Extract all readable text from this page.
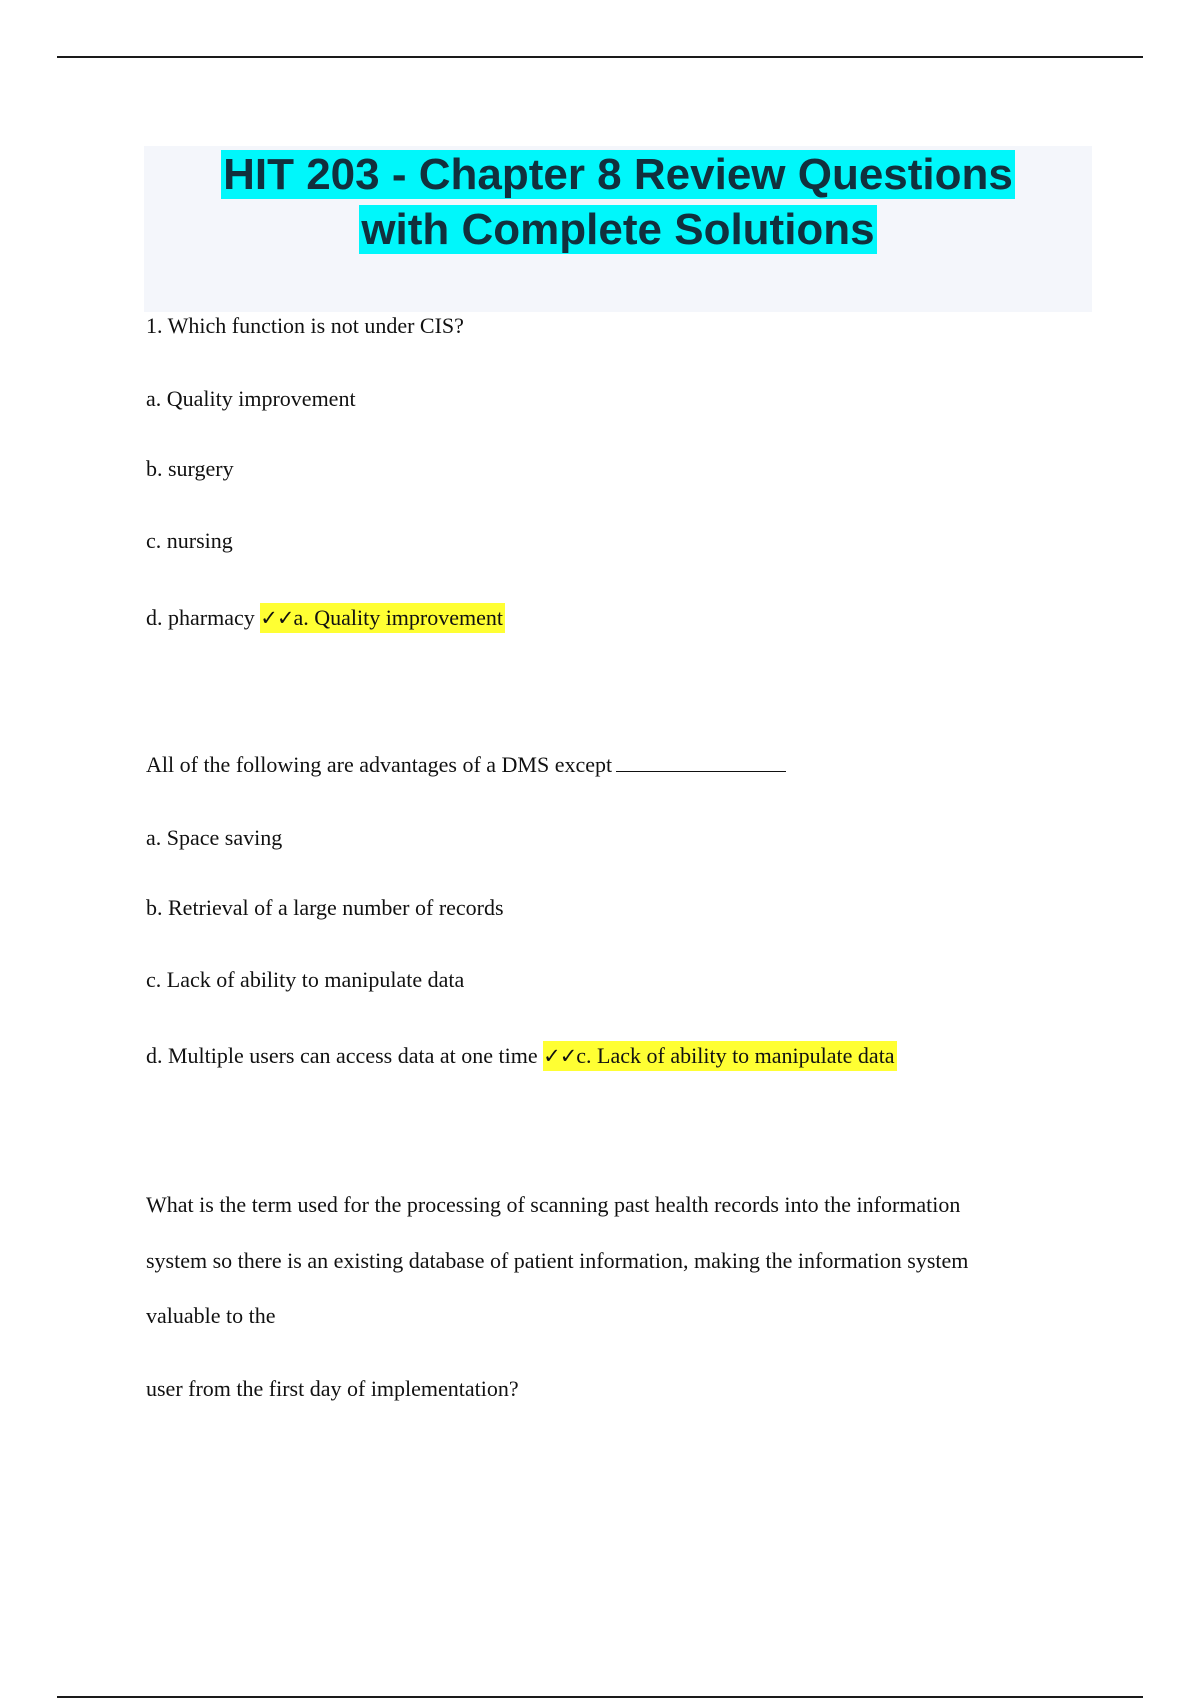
HIT 203 - Chapter 8 Review Questions
with Complete Solutions

1. Which function is not under CIS?

a. Quality improvement

b. surgery

c. nursing

d. pharmacy ✓✓a. Quality improvement

All of the following are advantages of a DMS except

a. Space saving

b. Retrieval of a large number of records

c. Lack of ability to manipulate data

d. Multiple users can access data at one time ✓✓c. Lack of ability to manipulate data

What is the term used for the processing of scanning past health records into the information

system so there is an existing database of patient information, making the information system

valuable to the

user from the first day of implementation?
